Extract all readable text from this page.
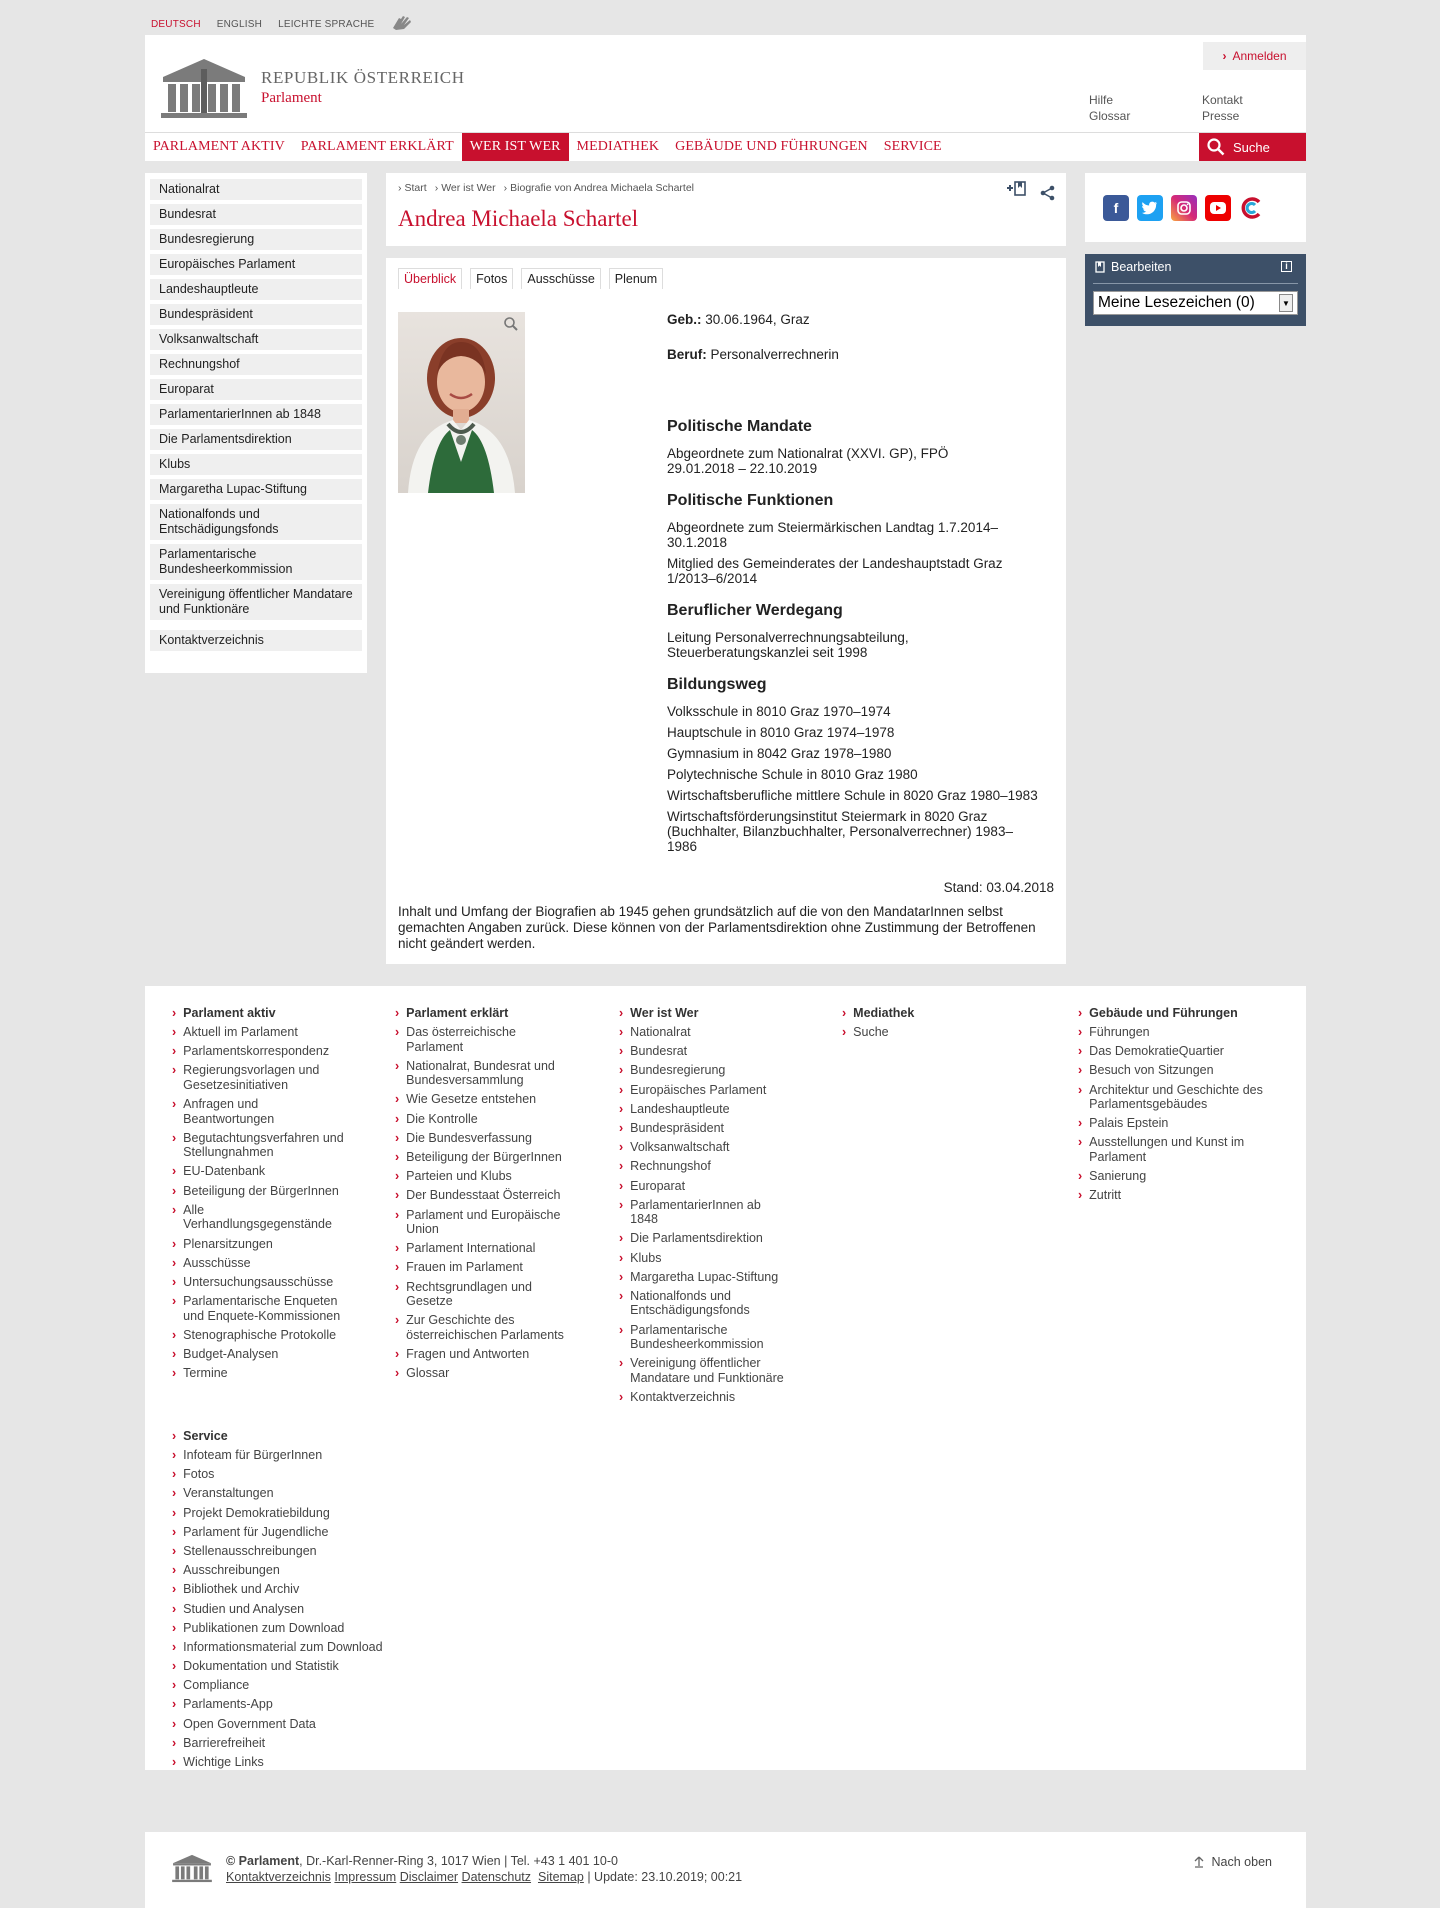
DEUTSCH ENGLISH LEICHTE SPRACHE
REPUBLIK ÖSTERREICH
Parlament
› Anmelden
Hilfe
Glossar
Kontakt
Presse
PARLAMENT AKTIV	PARLAMENT ERKLÄRT	WER IST WER	MEDIATHEK	GEBÄUDE UND FÜHRUNGEN	SERVICE	Suche
Nationalrat
Bundesrat
Bundesregierung
Europäisches Parlament
Landeshauptleute
Bundespräsident
Volksanwaltschaft
Rechnungshof
Europarat
ParlamentarierInnen ab 1848
Die Parlamentsdirektion
Klubs
Margaretha Lupac-Stiftung
Nationalfonds und Entschädigungsfonds
Parlamentarische Bundesheerkommission
Vereinigung öffentlicher Mandatare und Funktionäre
Kontaktverzeichnis
› Start	› Wer ist Wer	› Biografie von Andrea Michaela Schartel
Andrea Michaela Schartel
Überblick	Fotos	Ausschüsse	Plenum

Geb.: 30.06.1964, Graz

Beruf: Personalverrechnerin

Politische Mandate

Abgeordnete zum Nationalrat (XXVI. GP), FPÖ 29.01.2018 – 22.10.2019

Politische Funktionen

Abgeordnete zum Steiermärkischen Landtag 1.7.2014–30.1.2018

Mitglied des Gemeinderates der Landeshauptstadt Graz 1/2013–6/2014

Beruflicher Werdegang

Leitung Personalverrechnungsabteilung, Steuerberatungskanzlei seit 1998

Bildungsweg

Volksschule in 8010 Graz 1970–1974

Hauptschule in 8010 Graz 1974–1978

Gymnasium in 8042 Graz 1978–1980

Polytechnische Schule in 8010 Graz 1980

Wirtschaftsberufliche mittlere Schule in 8020 Graz 1980–1983

Wirtschaftsförderungsinstitut Steiermark in 8020 Graz (Buchhalter, Bilanzbuchhalter, Personalverrechner) 1983–1986

Stand: 03.04.2018
Inhalt und Umfang der Biografien ab 1945 gehen grundsätzlich auf die von den MandatarInnen selbst gemachten Angaben zurück. Diese können von der Parlamentsdirektion ohne Zustimmung der Betroffenen nicht geändert werden.
f
Bearbeiten	i
Meine Lesezeichen (0)	▼
› Parlament aktiv
› Aktuell im Parlament
› Parlamentskorrespondenz
› Regierungsvorlagen und Gesetzesinitiativen
› Anfragen und Beantwortungen
› Begutachtungsverfahren und Stellungnahmen
› EU-Datenbank
› Beteiligung der BürgerInnen
› Alle Verhandlungsgegenstände
› Plenarsitzungen
› Ausschüsse
› Untersuchungsausschüsse
› Parlamentarische Enqueten und Enquete-Kommissionen
› Stenographische Protokolle
› Budget-Analysen
› Termine
› Parlament erklärt
› Das österreichische Parlament
› Nationalrat, Bundesrat und Bundesversammlung
› Wie Gesetze entstehen
› Die Kontrolle
› Die Bundesverfassung
› Beteiligung der BürgerInnen
› Parteien und Klubs
› Der Bundesstaat Österreich
› Parlament und Europäische Union
› Parlament International
› Frauen im Parlament
› Rechtsgrundlagen und Gesetze
› Zur Geschichte des österreichischen Parlaments
› Fragen und Antworten
› Glossar
› Wer ist Wer
› Nationalrat
› Bundesrat
› Bundesregierung
› Europäisches Parlament
› Landeshauptleute
› Bundespräsident
› Volksanwaltschaft
› Rechnungshof
› Europarat
› ParlamentarierInnen ab 1848
› Die Parlamentsdirektion
› Klubs
› Margaretha Lupac-Stiftung
› Nationalfonds und Entschädigungsfonds
› Parlamentarische Bundesheerkommission
› Vereinigung öffentlicher Mandatare und Funktionäre
› Kontaktverzeichnis
› Mediathek
› Suche
› Gebäude und Führungen
› Führungen
› Das DemokratieQuartier
› Besuch von Sitzungen
› Architektur und Geschichte des Parlamentsgebäudes
› Palais Epstein
› Ausstellungen und Kunst im Parlament
› Sanierung
› Zutritt
› Service
› Infoteam für BürgerInnen
› Fotos
› Veranstaltungen
› Projekt Demokratiebildung
› Parlament für Jugendliche
› Stellenausschreibungen
› Ausschreibungen
› Bibliothek und Archiv
› Studien und Analysen
› Publikationen zum Download
› Informationsmaterial zum Download
› Dokumentation und Statistik
› Compliance
› Parlaments-App
› Open Government Data
› Barrierefreiheit
› Wichtige Links
© Parlament, Dr.-Karl-Renner-Ring 3, 1017 Wien | Tel. +43 1 401 10-0
Kontaktverzeichnis Impressum Disclaimer Datenschutz Sitemap | Update: 23.10.2019; 00:21
Nach oben
